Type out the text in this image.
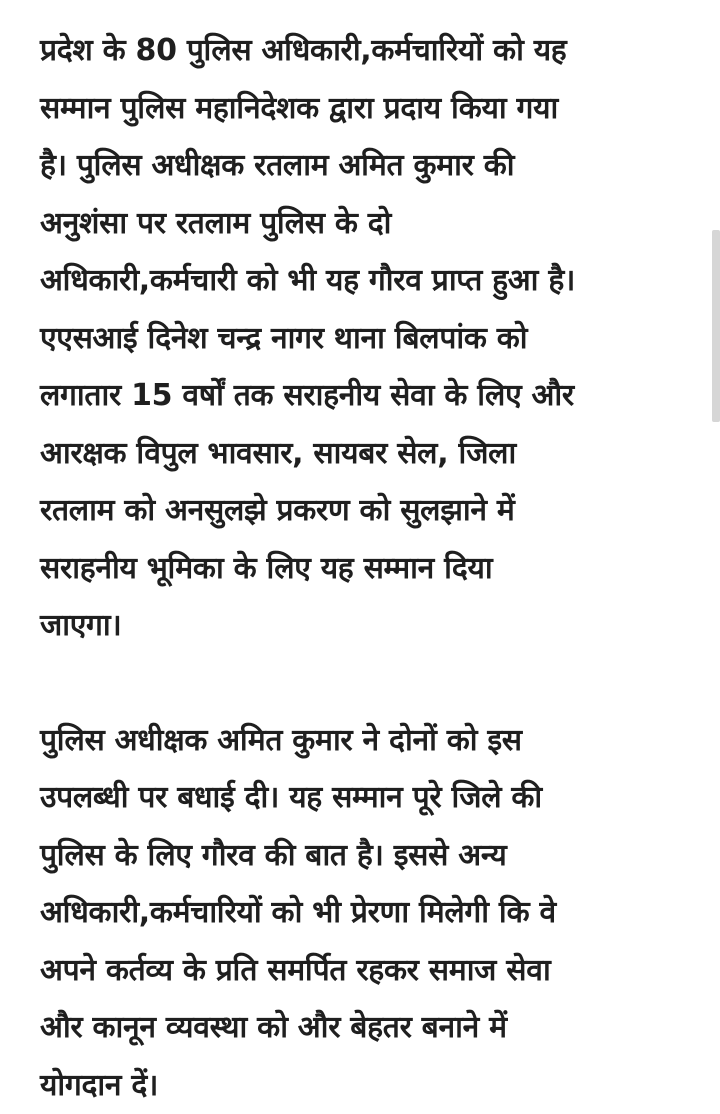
प्रदेश के 80 पुलिस अधिकारी,कर्मचारियों को यह
सम्मान पुलिस महानिदेशक द्वारा प्रदाय किया गया
है। पुलिस अधीक्षक रतलाम अमित कुमार की
अनुशंसा पर रतलाम पुलिस के दो
अधिकारी,कर्मचारी को भी यह गौरव प्राप्त हुआ है।
एएसआई दिनेश चन्द्र नागर थाना बिलपांक को
लगातार 15 वर्षों तक सराहनीय सेवा के लिए और
आरक्षक विपुल भावसार, सायबर सेल, जिला
रतलाम को अनसुलझे प्रकरण को सुलझाने में
सराहनीय भूमिका के लिए यह सम्मान दिया
जाएगा।

पुलिस अधीक्षक अमित कुमार ने दोनों को इस
उपलब्धी पर बधाई दी। यह सम्मान पूरे जिले की
पुलिस के लिए गौरव की बात है। इससे अन्य
अधिकारी,कर्मचारियों को भी प्रेरणा मिलेगी कि वे
अपने कर्तव्य के प्रति समर्पित रहकर समाज सेवा
और कानून व्यवस्था को और बेहतर बनाने में
योगदान दें।
